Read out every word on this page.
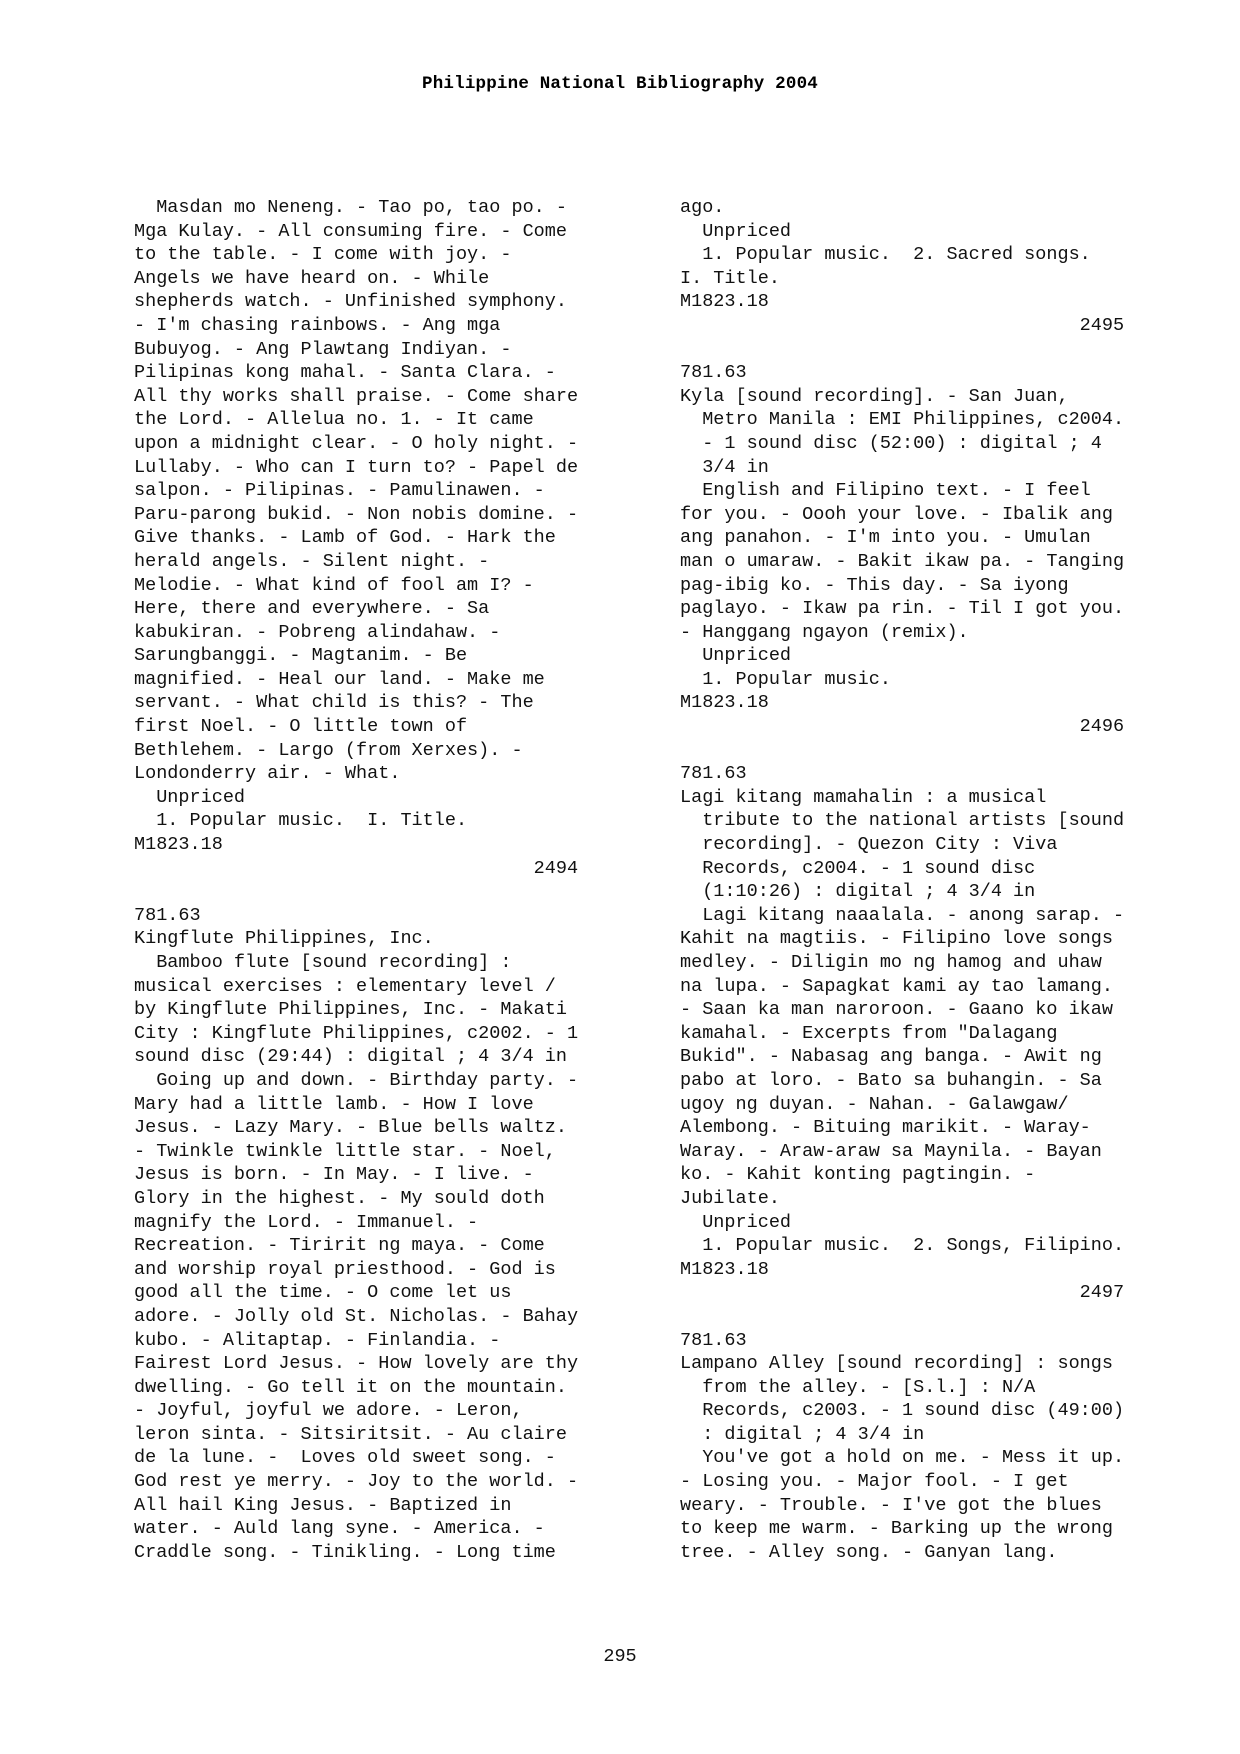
Philippine National Bibliography 2004
Masdan mo Neneng. - Tao po, tao po. -
Mga Kulay. - All consuming fire. - Come
to the table. - I come with joy. -
Angels we have heard on. - While
shepherds watch. - Unfinished symphony.
- I'm chasing rainbows. - Ang mga
Bubuyog. - Ang Plawtang Indiyan. -
Pilipinas kong mahal. - Santa Clara. -
All thy works shall praise. - Come share
the Lord. - Allelua no. 1. - It came
upon a midnight clear. - O holy night. -
Lullaby. - Who can I turn to? - Papel de
salpon. - Pilipinas. - Pamulinawen. -
Paru-parong bukid. - Non nobis domine. -
Give thanks. - Lamb of God. - Hark the
herald angels. - Silent night. -
Melodie. - What kind of fool am I? -
Here, there and everywhere. - Sa
kabukiran. - Pobreng alindahaw. -
Sarungbanggi. - Magtanim. - Be
magnified. - Heal our land. - Make me
servant. - What child is this? - The
first Noel. - O little town of
Bethlehem. - Largo (from Xerxes). -
Londonderry air. - What.
Unpriced
1. Popular music.  I. Title.
M1823.18
2494
781.63
Kingflute Philippines, Inc.
Bamboo flute [sound recording] :
musical exercises : elementary level /
by Kingflute Philippines, Inc. - Makati
City : Kingflute Philippines, c2002. - 1
sound disc (29:44) : digital ; 4 3/4 in
Going up and down. - Birthday party. -
Mary had a little lamb. - How I love
Jesus. - Lazy Mary. - Blue bells waltz.
- Twinkle twinkle little star. - Noel,
Jesus is born. - In May. - I live. -
Glory in the highest. - My sould doth
magnify the Lord. - Immanuel. -
Recreation. - Tiririt ng maya. - Come
and worship royal priesthood. - God is
good all the time. - O come let us
adore. - Jolly old St. Nicholas. - Bahay
kubo. - Alitaptap. - Finlandia. -
Fairest Lord Jesus. - How lovely are thy
dwelling. - Go tell it on the mountain.
- Joyful, joyful we adore. - Leron,
leron sinta. - Sitsiritsit. - Au claire
de la lune. -  Loves old sweet song. -
God rest ye merry. - Joy to the world. -
All hail King Jesus. - Baptized in
water. - Auld lang syne. - America. -
Craddle song. - Tinikling. - Long time
ago.
Unpriced
1. Popular music.  2. Sacred songs.
I. Title.
M1823.18
2495
781.63
Kyla [sound recording]. - San Juan,
Metro Manila : EMI Philippines, c2004.
- 1 sound disc (52:00) : digital ; 4
3/4 in
English and Filipino text. - I feel
for you. - Oooh your love. - Ibalik ang
ang panahon. - I'm into you. - Umulan
man o umaraw. - Bakit ikaw pa. - Tanging
pag-ibig ko. - This day. - Sa iyong
paglayo. - Ikaw pa rin. - Til I got you.
- Hanggang ngayon (remix).
Unpriced
1. Popular music.
M1823.18
2496
781.63
Lagi kitang mamahalin : a musical
tribute to the national artists [sound
recording]. - Quezon City : Viva
Records, c2004. - 1 sound disc
(1:10:26) : digital ; 4 3/4 in
Lagi kitang naaalala. - anong sarap. -
Kahit na magtiis. - Filipino love songs
medley. - Diligin mo ng hamog and uhaw
na lupa. - Sapagkat kami ay tao lamang.
- Saan ka man naroroon. - Gaano ko ikaw
kamahal. - Excerpts from "Dalagang
Bukid". - Nabasag ang banga. - Awit ng
pabo at loro. - Bato sa buhangin. - Sa
ugoy ng duyan. - Nahan. - Galawgaw/
Alembong. - Bituing marikit. - Waray-
Waray. - Araw-araw sa Maynila. - Bayan
ko. - Kahit konting pagtingin. -
Jubilate.
Unpriced
1. Popular music.  2. Songs, Filipino.
M1823.18
2497
781.63
Lampano Alley [sound recording] : songs
from the alley. - [S.l.] : N/A
Records, c2003. - 1 sound disc (49:00)
: digital ; 4 3/4 in
You've got a hold on me. - Mess it up.
- Losing you. - Major fool. - I get
weary. - Trouble. - I've got the blues
to keep me warm. - Barking up the wrong
tree. - Alley song. - Ganyan lang.
295
